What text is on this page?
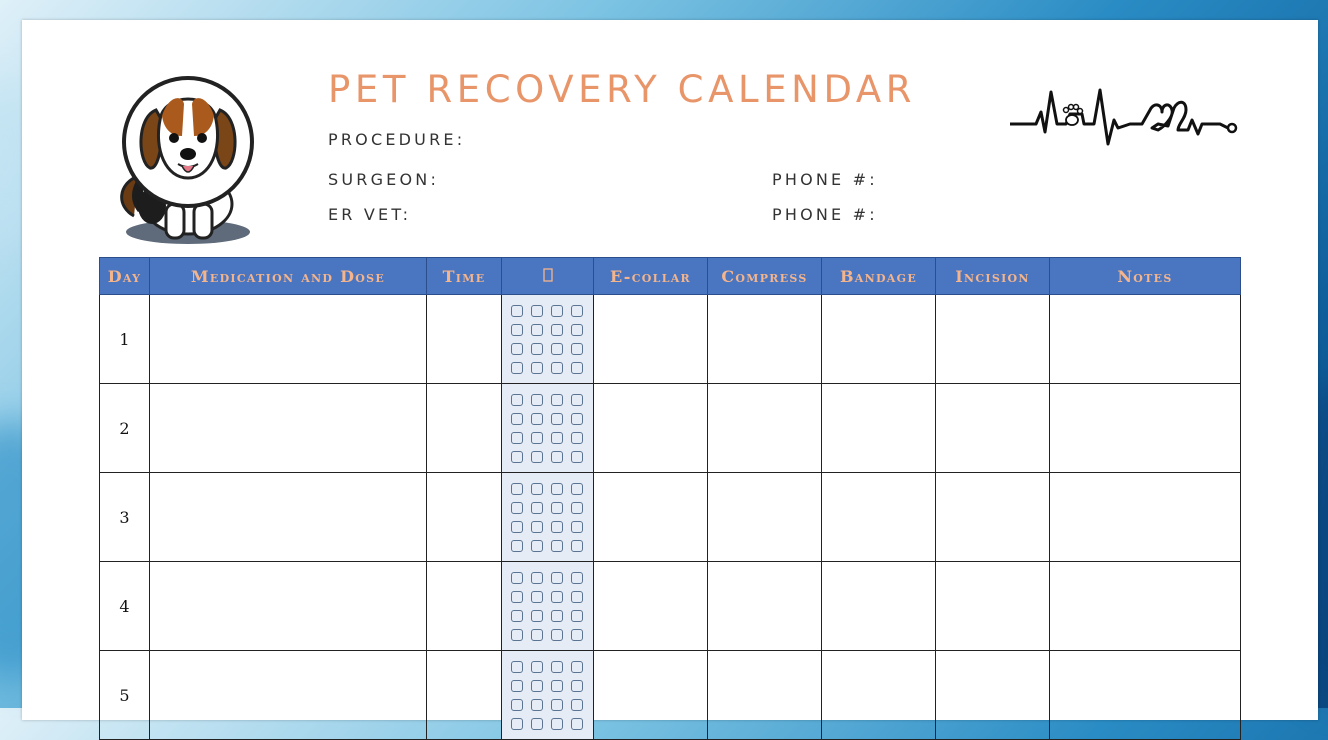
PET RECOVERY CALENDAR
PROCEDURE:
SURGEON:	PHONE #:
ER VET:	PHONE #:
Day	Medication and Dose	Time		E-collar	Compress	Bandage	Incision	Notes
1			

2			

3			

4			

5			
